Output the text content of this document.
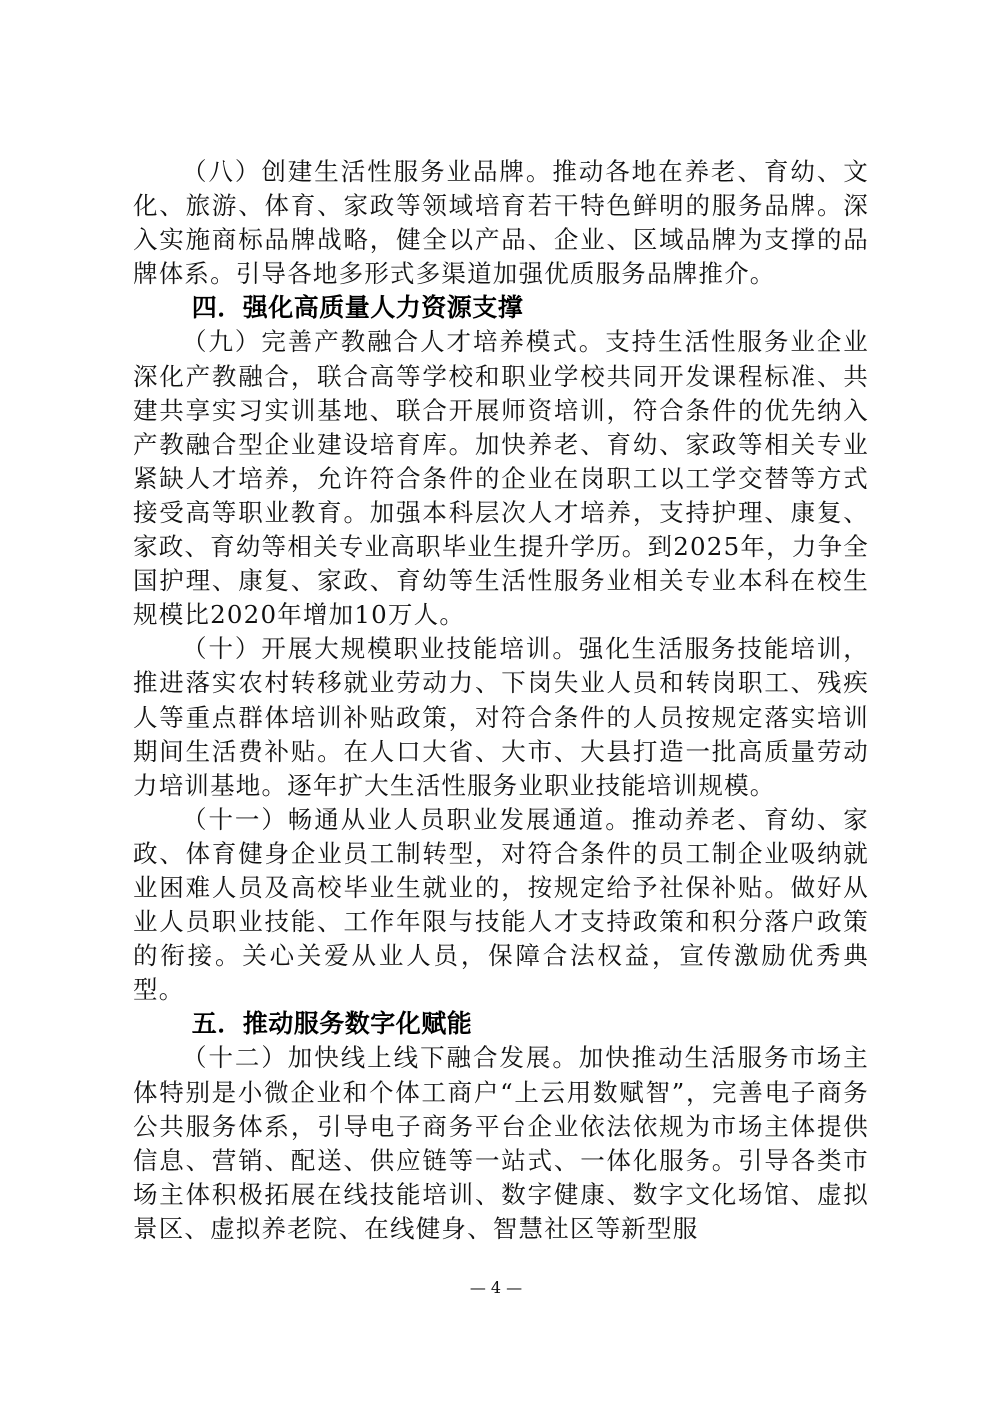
（八）创建生活性服务业品牌。推动各地在养老、育幼、文化、旅游、体育、家政等领域培育若干特色鲜明的服务品牌。深入实施商标品牌战略，健全以产品、企业、区域品牌为支撑的品牌体系。引导各地多形式多渠道加强优质服务品牌推介。

四．强化高质量人力资源支撑

（九）完善产教融合人才培养模式。支持生活性服务业企业深化产教融合，联合高等学校和职业学校共同开发课程标准、共建共享实习实训基地、联合开展师资培训，符合条件的优先纳入产教融合型企业建设培育库。加快养老、育幼、家政等相关专业紧缺人才培养，允许符合条件的企业在岗职工以工学交替等方式接受高等职业教育。加强本科层次人才培养，支持护理、康复、家政、育幼等相关专业高职毕业生提升学历。到2025年，力争全国护理、康复、家政、育幼等生活性服务业相关专业本科在校生规模比2020年增加10万人。

（十）开展大规模职业技能培训。强化生活服务技能培训，推进落实农村转移就业劳动力、下岗失业人员和转岗职工、残疾人等重点群体培训补贴政策，对符合条件的人员按规定落实培训期间生活费补贴。在人口大省、大市、大县打造一批高质量劳动力培训基地。逐年扩大生活性服务业职业技能培训规模。

（十一）畅通从业人员职业发展通道。推动养老、育幼、家政、体育健身企业员工制转型，对符合条件的员工制企业吸纳就业困难人员及高校毕业生就业的，按规定给予社保补贴。做好从业人员职业技能、工作年限与技能人才支持政策和积分落户政策的衔接。关心关爱从业人员，保障合法权益，宣传激励优秀典型。

五．推动服务数字化赋能

（十二）加快线上线下融合发展。加快推动生活服务市场主体特别是小微企业和个体工商户“上云用数赋智”，完善电子商务公共服务体系，引导电子商务平台企业依法依规为市场主体提供信息、营销、配送、供应链等一站式、一体化服务。引导各类市场主体积极拓展在线技能培训、数字健康、数字文化场馆、虚拟景区、虚拟养老院、在线健身、智慧社区等新型服

— 4 —
